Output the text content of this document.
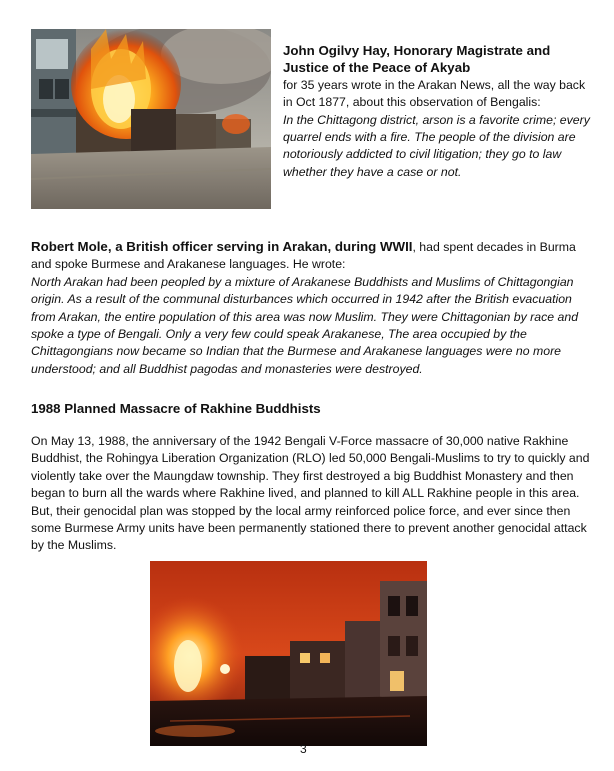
John Ogilvy Hay, Honorary Magistrate and Justice of the Peace of Akyab
for 35 years wrote in the Arakan News, all the way back in Oct 1877, about this observation of Bengalis:
In the Chittagong district, arson is a favorite crime; every quarrel ends with a fire. The people of the division are notoriously addicted to civil litigation; they go to law whether they have a case or not.

Robert Mole, a British officer serving in Arakan, during WWII, had spent decades in Burma and spoke Burmese and Arakanese languages. He wrote:

North Arakan had been peopled by a mixture of Arakanese Buddhists and Muslims of Chittagongian origin. As a result of the communal disturbances which occurred in 1942 after the British evacuation from Arakan, the entire population of this area was now Muslim. They were Chittagonian by race and spoke a type of Bengali. Only a very few could speak Arakanese, The area occupied by the Chittagongians now became so Indian that the Burmese and Arakanese languages were no more understood; and all Buddhist pagodas and monasteries were destroyed.

1988 Planned Massacre of Rakhine Buddhists
On May 13, 1988, the anniversary of the 1942 Bengali V-Force massacre of 30,000 native Rakhine Buddhist, the Rohingya Liberation Organization (RLO) led 50,000 Bengali-Muslims to try to quickly and violently take over the Maungdaw township. They first destroyed a big Buddhist Monastery and then began to burn all the wards where Rakhine lived, and planned to kill ALL Rakhine people in this area. But, their genocidal plan was stopped by the local army reinforced police force, and ever since then some Burmese Army units have been permanently stationed there to prevent another genocidal attack by the Muslims.
3
